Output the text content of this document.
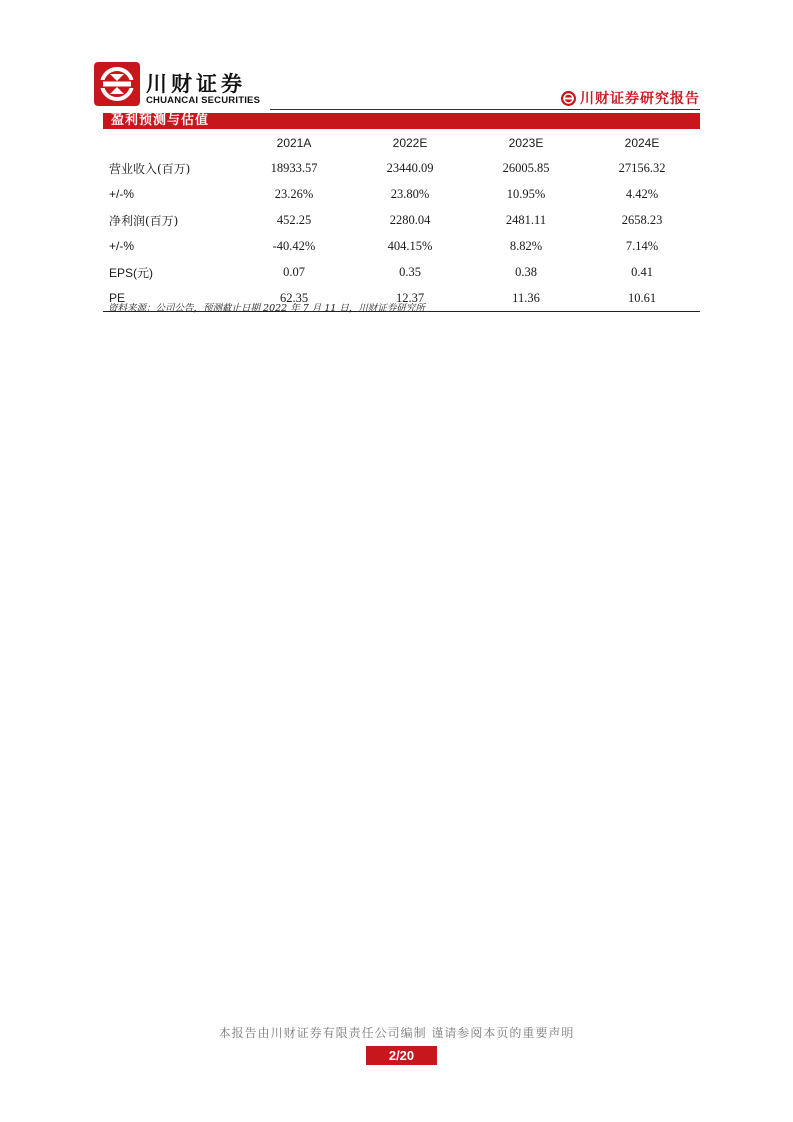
川财证券
CHUANCAI SECURITIES	川财证券研究报告
盈利预测与估值
	2021A	2022E	2023E	2024E
营业收入(百万)	18933.57	23440.09	26005.85	27156.32
+/-%	23.26%	23.80%	10.95%	4.42%
净利润(百万)	452.25	2280.04	2481.11	2658.23
+/-%	-40.42%	404.15%	8.82%	7.14%
EPS(元)	0.07	0.35	0.38	0.41
PE	62.35	12.37	11.36	10.61
资料来源：公司公告，预测截止日期 2022 年 7 月 11 日，川财证券研究所
本报告由川财证券有限责任公司编制 谨请参阅本页的重要声明
2/20
